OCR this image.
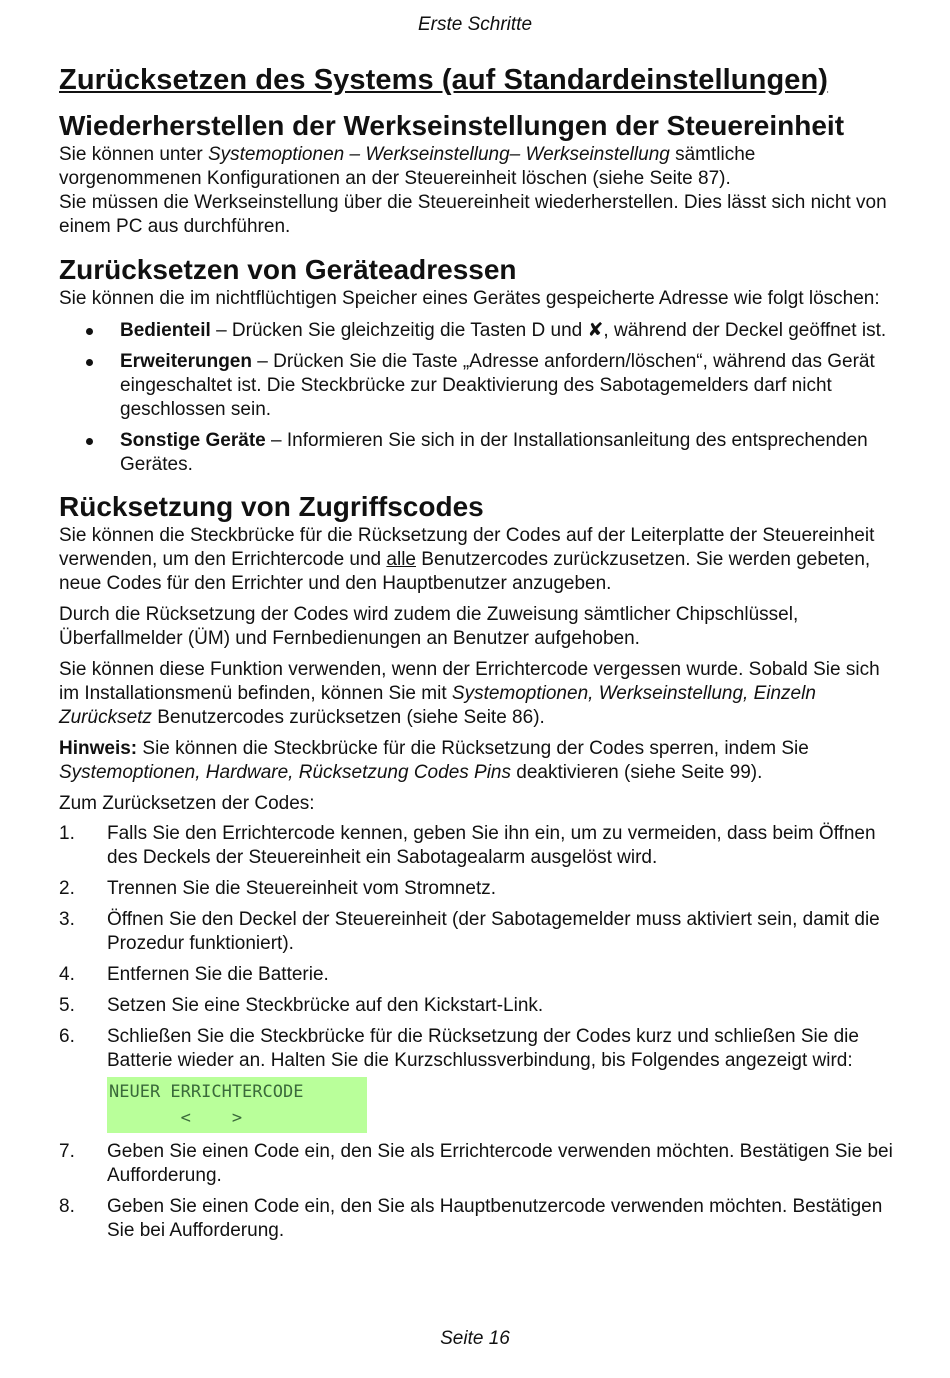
Erste Schritte
Zurücksetzen des Systems (auf Standardeinstellungen)
Wiederherstellen der Werkseinstellungen der Steuereinheit

Sie können unter Systemoptionen – Werkseinstellung– Werkseinstellung sämtliche vorgenommenen Konfigurationen an der Steuereinheit löschen (siehe Seite 87).

Sie müssen die Werkseinstellung über die Steuereinheit wiederherstellen. Dies lässt sich nicht von einem PC aus durchführen.

Zurücksetzen von Geräteadressen

Sie können die im nichtflüchtigen Speicher eines Gerätes gespeicherte Adresse wie folgt löschen:

Bedienteil – Drücken Sie gleichzeitig die Tasten D und ✘, während der Deckel geöffnet ist.
Erweiterungen – Drücken Sie die Taste „Adresse anfordern/löschen“, während das Gerät eingeschaltet ist. Die Steckbrücke zur Deaktivierung des Sabotagemelders darf nicht geschlossen sein.
Sonstige Geräte – Informieren Sie sich in der Installationsanleitung des entsprechenden Gerätes.
Rücksetzung von Zugriffscodes

Sie können die Steckbrücke für die Rücksetzung der Codes auf der Leiterplatte der Steuereinheit verwenden, um den Errichtercode und alle Benutzercodes zurückzusetzen. Sie werden gebeten, neue Codes für den Errichter und den Hauptbenutzer anzugeben.

Durch die Rücksetzung der Codes wird zudem die Zuweisung sämtlicher Chipschlüssel, Überfallmelder (ÜM) und Fernbedienungen an Benutzer aufgehoben.

Sie können diese Funktion verwenden, wenn der Errichtercode vergessen wurde. Sobald Sie sich im Installationsmenü befinden, können Sie mit Systemoptionen, Werkseinstellung, Einzeln Zurücksetz Benutzercodes zurücksetzen (siehe Seite 86).

Hinweis: Sie können die Steckbrücke für die Rücksetzung der Codes sperren, indem Sie Systemoptionen, Hardware, Rücksetzung Codes Pins deaktivieren (siehe Seite 99).

Zum Zurücksetzen der Codes:

1. Falls Sie den Errichtercode kennen, geben Sie ihn ein, um zu vermeiden, dass beim Öffnen des Deckels der Steuereinheit ein Sabotagealarm ausgelöst wird.
2. Trennen Sie die Steuereinheit vom Stromnetz.
3. Öffnen Sie den Deckel der Steuereinheit (der Sabotagemelder muss aktiviert sein, damit die Prozedur funktioniert).
4. Entfernen Sie die Batterie.
5. Setzen Sie eine Steckbrücke auf den Kickstart-Link.
6. Schließen Sie die Steckbrücke für die Rücksetzung der Codes kurz und schließen Sie die Batterie wieder an. Halten Sie die Kurzschlussverbindung, bis Folgendes angezeigt wird:
NEUER ERRICHTERCODE
<    >
7. Geben Sie einen Code ein, den Sie als Errichtercode verwenden möchten. Bestätigen Sie bei Aufforderung.
8. Geben Sie einen Code ein, den Sie als Hauptbenutzercode verwenden möchten. Bestätigen Sie bei Aufforderung.
Seite 16
